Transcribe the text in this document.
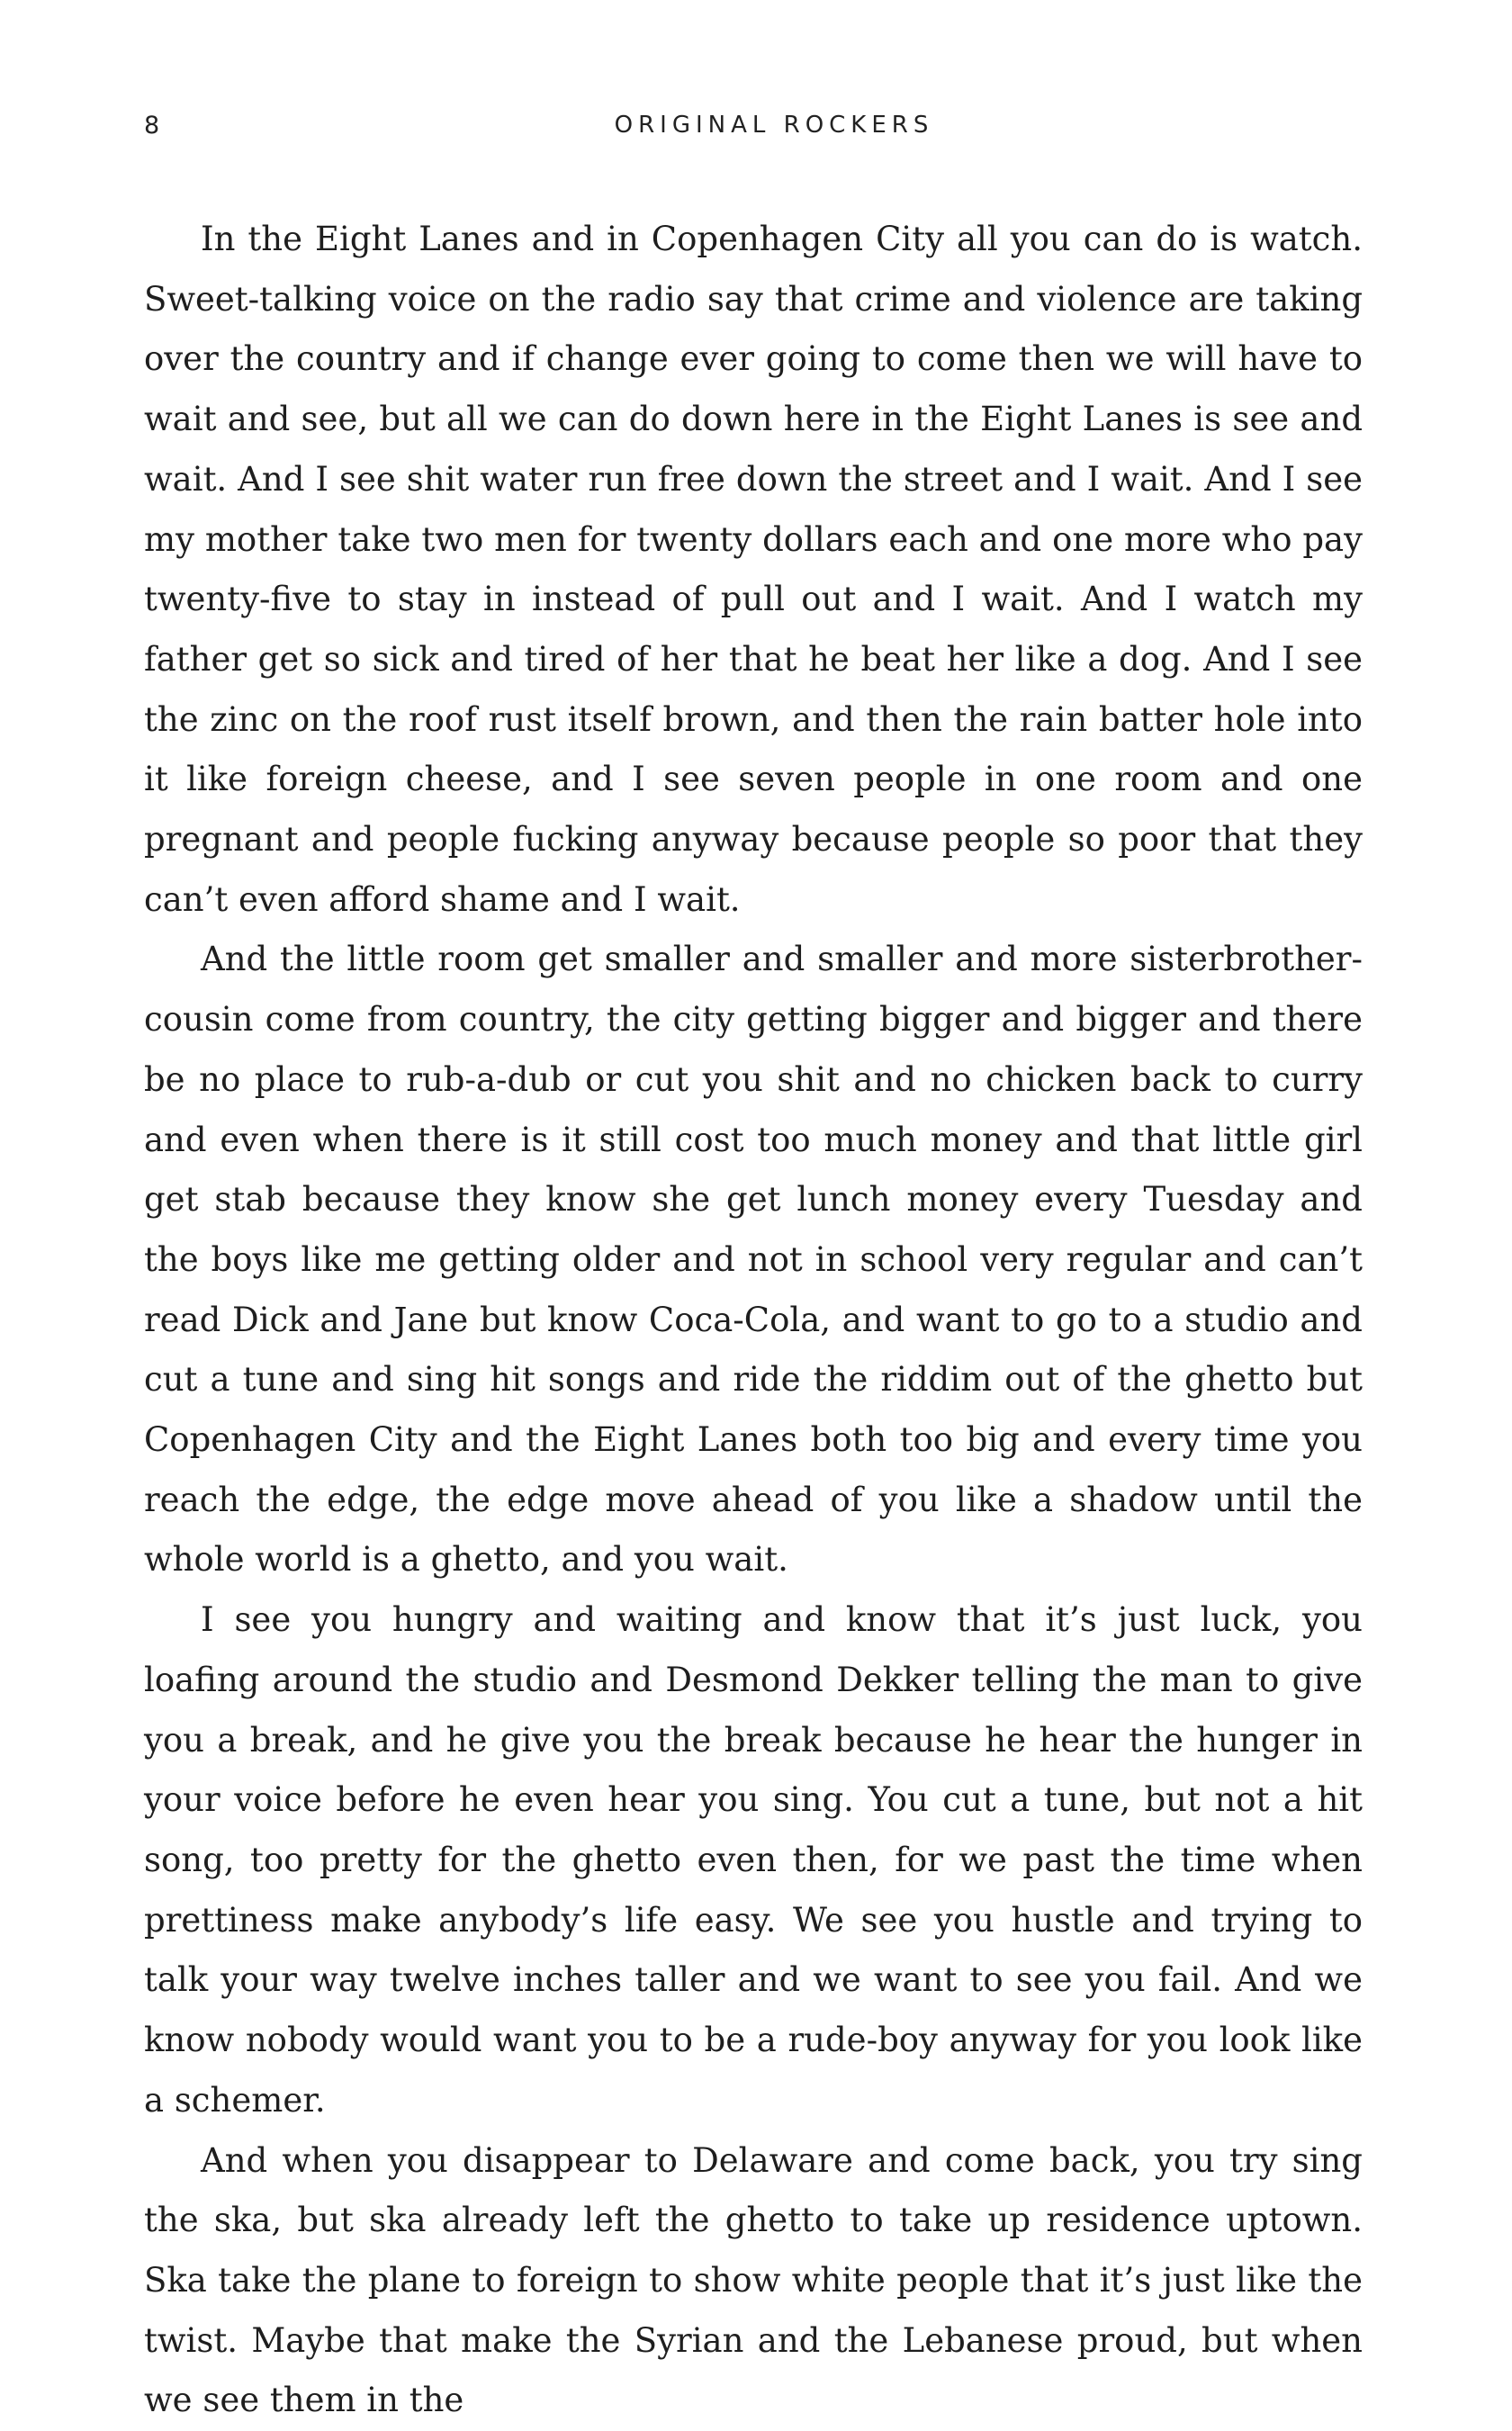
8	ORIGINAL ROCKERS

In the Eight Lanes and in Copenhagen City all you can do is watch. Sweet-talking voice on the radio say that crime and violence are taking over the country and if change ever going to come then we will have to wait and see, but all we can do down here in the Eight Lanes is see and wait. And I see shit water run free down the street and I wait. And I see my mother take two men for twenty dollars each and one more who pay twenty-five to stay in instead of pull out and I wait. And I watch my father get so sick and tired of her that he beat her like a dog. And I see the zinc on the roof rust itself brown, and then the rain batter hole into it like foreign cheese, and I see seven people in one room and one pregnant and people fucking anyway because people so poor that they can’t even afford shame and I wait.

And the little room get smaller and smaller and more sisterbrother-cousin come from country, the city getting bigger and bigger and there be no place to rub-a-dub or cut you shit and no chicken back to curry and even when there is it still cost too much money and that little girl get stab because they know she get lunch money every Tuesday and the boys like me getting older and not in school very regular and can’t read Dick and Jane but know Coca-Cola, and want to go to a studio and cut a tune and sing hit songs and ride the riddim out of the ghetto but Copenhagen City and the Eight Lanes both too big and every time you reach the edge, the edge move ahead of you like a shadow until the whole world is a ghetto, and you wait.

I see you hungry and waiting and know that it’s just luck, you loafing around the studio and Desmond Dekker telling the man to give you a break, and he give you the break because he hear the hunger in your voice before he even hear you sing. You cut a tune, but not a hit song, too pretty for the ghetto even then, for we past the time when prettiness make anybody’s life easy. We see you hustle and trying to talk your way twelve inches taller and we want to see you fail. And we know nobody would want you to be a rude-boy anyway for you look like a schemer.

And when you disappear to Delaware and come back, you try sing the ska, but ska already left the ghetto to take up residence uptown. Ska take the plane to foreign to show white people that it’s just like the twist. Maybe that make the Syrian and the Lebanese proud, but when we see them in the
